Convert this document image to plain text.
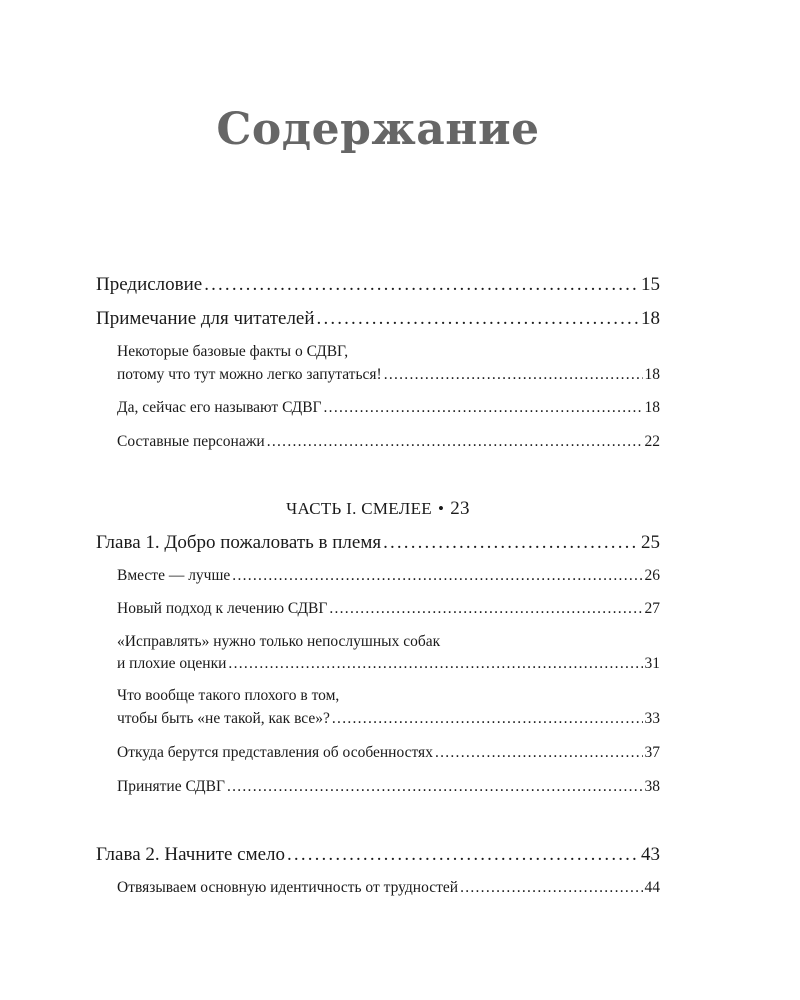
Содержание
Предисловие . . .	15
Примечание для читателей . . .	18
Некоторые базовые факты о СДВГ,
потому что тут можно легко запутаться! . . .	18
Да, сейчас его называют СДВГ . . .	18
Составные персонажи . . .	22
ЧАСТЬ I. СМЕЛЕЕ • 23
Глава 1. Добро пожаловать в племя . . .	25
Вместе — лучше . . .	26
Новый подход к лечению СДВГ . . .	27
«Исправлять» нужно только непослушных собак
и плохие оценки . . .	31
Что вообще такого плохого в том,
чтобы быть «не такой, как все»? . . .	33
Откуда берутся представления об особенностях . . .	37
Принятие СДВГ . . .	38
Глава 2. Начните смело . . .	43
Отвязываем основную идентичность от трудностей . . .	44
